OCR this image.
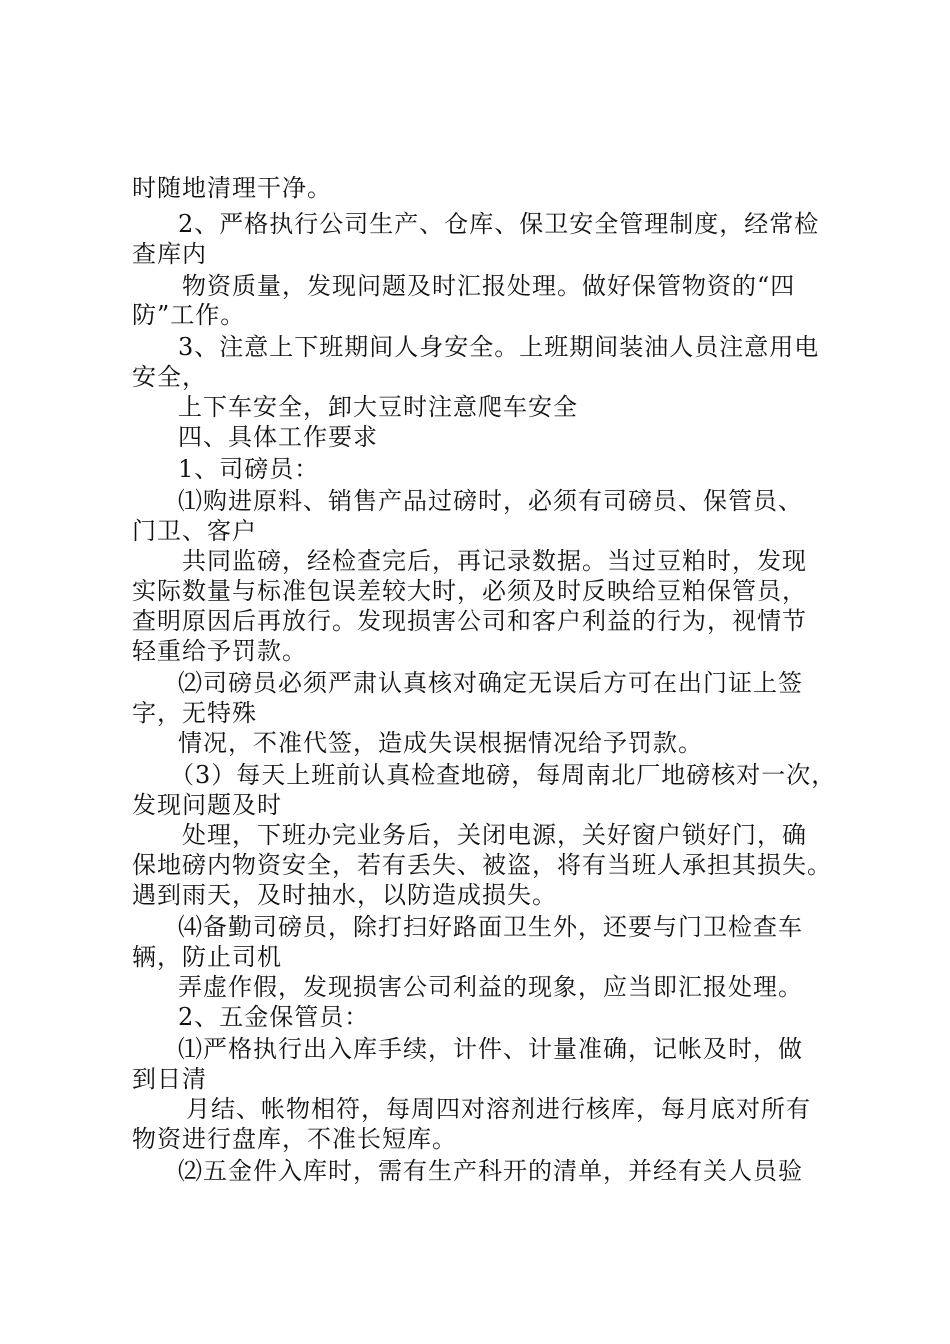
时随地清理干净。
2、严格执行公司生产、仓库、保卫安全管理制度，经常检
查库内
物资质量，发现问题及时汇报处理。做好保管物资的“四
防”工作。
3、注意上下班期间人身安全。上班期间装油人员注意用电
安全，
上下车安全，卸大豆时注意爬车安全
四、具体工作要求
1、司磅员：
⑴购进原料、销售产品过磅时，必须有司磅员、保管员、
门卫、客户
共同监磅，经检查完后，再记录数据。当过豆粕时，发现
实际数量与标准包误差较大时，必须及时反映给豆粕保管员，
查明原因后再放行。发现损害公司和客户利益的行为，视情节
轻重给予罚款。
⑵司磅员必须严肃认真核对确定无误后方可在出门证上签
字，无特殊
情况，不准代签，造成失误根据情况给予罚款。
（3）每天上班前认真检查地磅，每周南北厂地磅核对一次，
发现问题及时
处理，下班办完业务后，关闭电源，关好窗户锁好门，确
保地磅内物资安全，若有丢失、被盗，将有当班人承担其损失。
遇到雨天，及时抽水，以防造成损失。
⑷备勤司磅员，除打扫好路面卫生外，还要与门卫检查车
辆，防止司机
弄虚作假，发现损害公司利益的现象，应当即汇报处理。
2、五金保管员：
⑴严格执行出入库手续，计件、计量准确，记帐及时，做
到日清
月结、帐物相符，每周四对溶剂进行核库，每月底对所有
物资进行盘库，不准长短库。
⑵五金件入库时，需有生产科开的清单，并经有关人员验
